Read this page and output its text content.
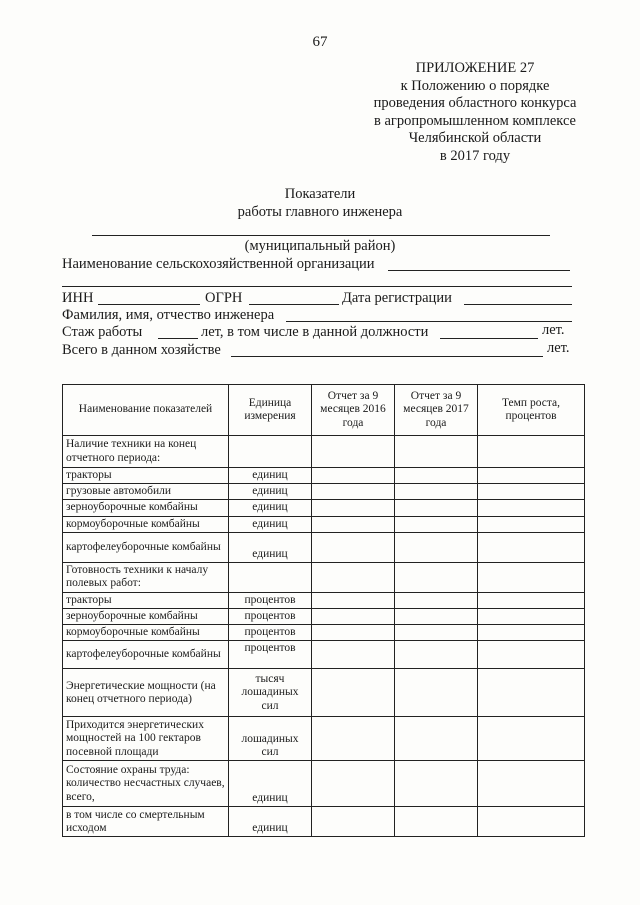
67
ПРИЛОЖЕНИЕ 27
к Положению о порядке
проведения областного конкурса
в агропромышленном комплексе
Челябинской области
в 2017 году
Показатели
работы главного инженера
(муниципальный район)
Наименование сельскохозяйственной организации
ИНН	ОГРН	Дата регистрации
Фамилия, имя, отчество инженера
Стаж работы	лет, в том числе в данной должности	лет.
Всего в данном хозяйстве	лет.
Наименование показателей	Единица измерения	Отчет за 9 месяцев 2016 года	Отчет за 9 месяцев 2017 года	Темп роста, процентов
Наличие техники на конец отчетного периода:				
тракторы	единиц			
грузовые автомобили	единиц			
зерноуборочные комбайны	единиц			
кормоуборочные комбайны	единиц			
картофелеуборочные комбайны	единиц			
Готовность техники к началу полевых работ:				
тракторы	процентов			
зерноуборочные комбайны	процентов			
кормоуборочные комбайны	процентов			
картофелеуборочные комбайны	процентов			
Энергетические мощности (на конец отчетного периода)	тысяч лошадиных сил			
Приходится энергетических мощностей на 100 гектаров посевной площади	лошадиных сил			
Состояние охраны труда: количество несчастных случаев, всего,	единиц			
в том числе со смертельным исходом	единиц			
